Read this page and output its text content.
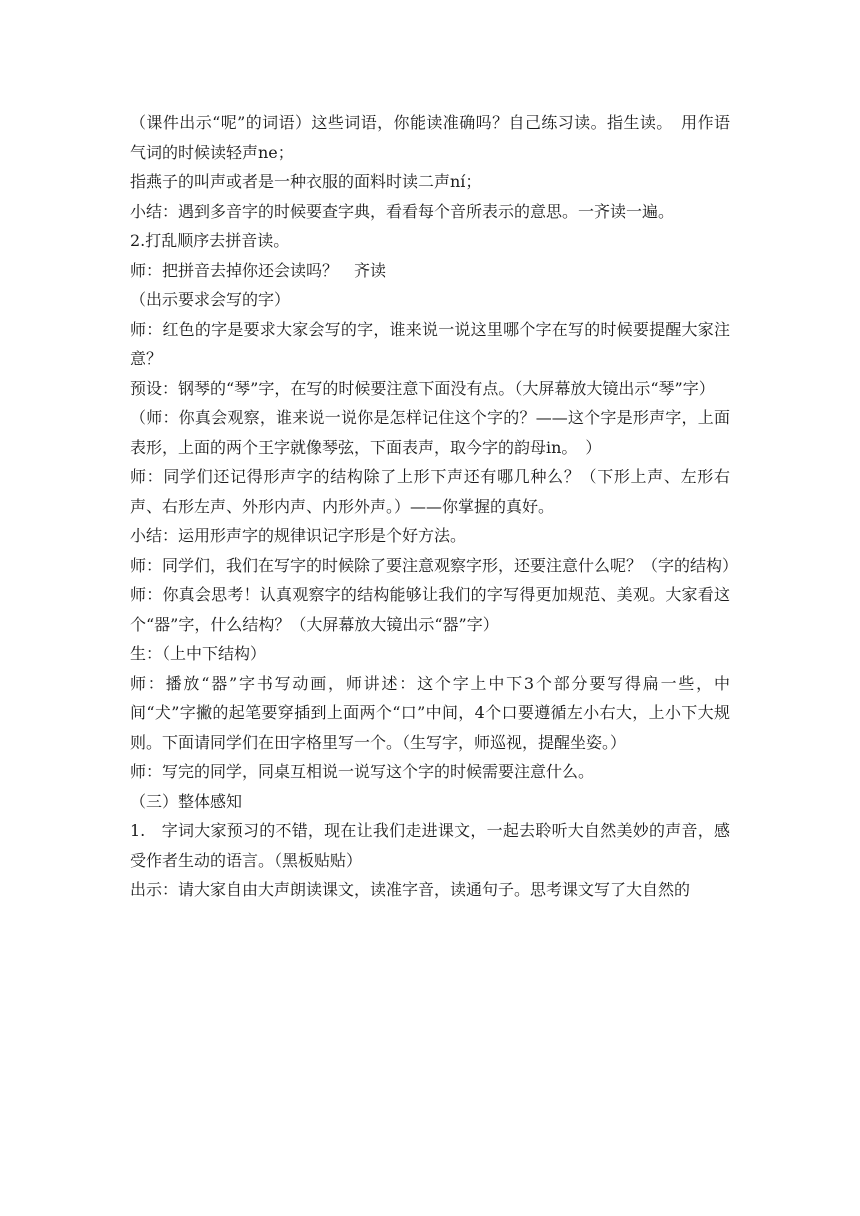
（课件出示“呢”的词语）这些词语，你能读准确吗？自己练习读。指生读。　用作语气词的时候读轻声ne；

指燕子的叫声或者是一种衣服的面料时读二声ní；

小结：遇到多音字的时候要查字典，看看每个音所表示的意思。一齐读一遍。

2.打乱顺序去拼音读。

师：把拼音去掉你还会读吗？　齐读

（出示要求会写的字）

师：红色的字是要求大家会写的字，谁来说一说这里哪个字在写的时候要提醒大家注意？

预设：钢琴的“琴”字，在写的时候要注意下面没有点。（大屏幕放大镜出示“琴”字）

（师：你真会观察，谁来说一说你是怎样记住这个字的？——这个字是形声字，上面表形，上面的两个王字就像琴弦，下面表声，取今字的韵母in。　）

师：同学们还记得形声字的结构除了上形下声还有哪几种么？（下形上声、左形右声、右形左声、外形内声、内形外声。）——你掌握的真好。

小结：运用形声字的规律识记字形是个好方法。

师：同学们，我们在写字的时候除了要注意观察字形，还要注意什么呢？（字的结构）

师：你真会思考！认真观察字的结构能够让我们的字写得更加规范、美观。大家看这个“器”字，什么结构？（大屏幕放大镜出示“器”字）

生：（上中下结构）

师：播放“器”字书写动画，师讲述：这个字上中下3个部分要写得扁一些，中间“犬”字撇的起笔要穿插到上面两个“口”中间，4个口要遵循左小右大，上小下大规则。下面请同学们在田字格里写一个。（生写字，师巡视，提醒坐姿。）

师：写完的同学，同桌互相说一说写这个字的时候需要注意什么。

（三）整体感知

1.　字词大家预习的不错，现在让我们走进课文，一起去聆听大自然美妙的声音，感受作者生动的语言。（黑板贴贴）

出示：请大家自由大声朗读课文，读准字音，读通句子。思考课文写了大自然的
